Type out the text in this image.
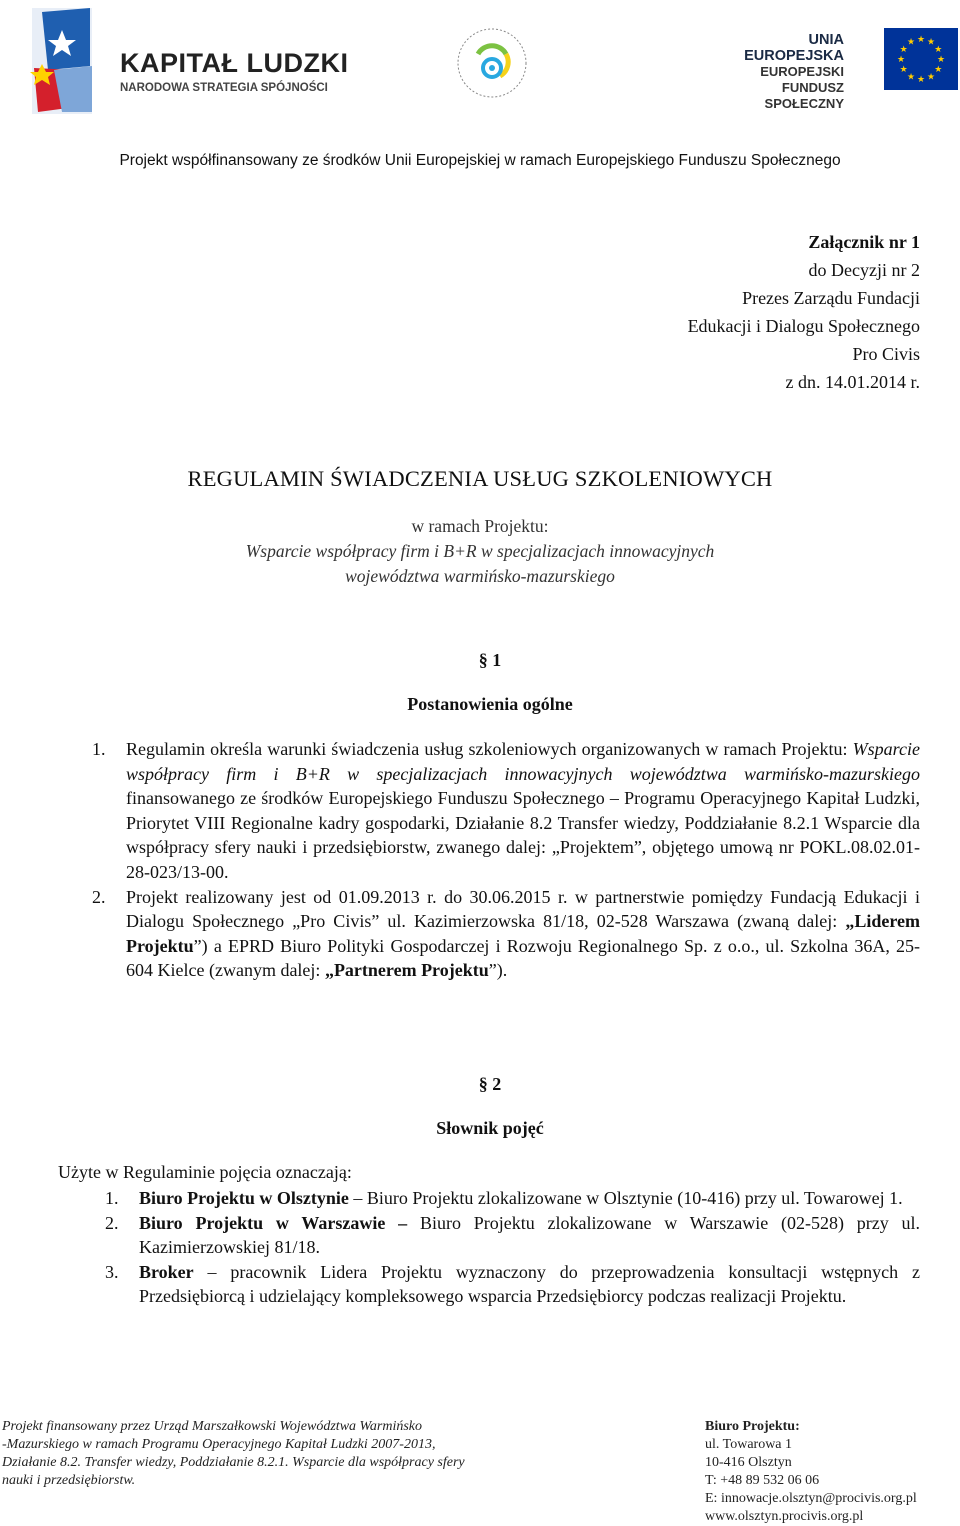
KAPITAŁ LUDZKI
NARODOWA STRATEGIA SPÓJNOŚCI
UNIA EUROPEJSKA
EUROPEJSKI
FUNDUSZ SPOŁECZNY
★ ★
★
★
★
★
★
★
★
★
★
★
Projekt współfinansowany ze środków Unii Europejskiej w ramach Europejskiego Funduszu Społecznego
Załącznik nr 1
do Decyzji nr 2
Prezes Zarządu Fundacji
Edukacji i Dialogu Społecznego
Pro Civis
z dn. 14.01.2014 r.
REGULAMIN ŚWIADCZENIA USŁUG SZKOLENIOWYCH
w ramach Projektu:
Wsparcie współpracy firm i B+R w specjalizacjach innowacyjnych
województwa warmińsko-mazurskiego
§ 1
Postanowienia ogólne
1. Regulamin określa warunki świadczenia usług szkoleniowych organizowanych w ramach Projektu: Wsparcie współpracy firm i B+R w specjalizacjach innowacyjnych województwa warmińsko-mazurskiego finansowanego ze środków Europejskiego Funduszu Społecznego – Programu Operacyjnego Kapitał Ludzki, Priorytet VIII Regionalne kadry gospodarki, Działanie 8.2 Transfer wiedzy, Poddziałanie 8.2.1 Wsparcie dla współpracy sfery nauki i przedsiębiorstw, zwanego dalej: „Projektem”, objętego umową nr POKL.08.02.01-28-023/13-00.
2. Projekt realizowany jest od 01.09.2013 r. do 30.06.2015 r. w partnerstwie pomiędzy Fundacją Edukacji i Dialogu Społecznego „Pro Civis” ul. Kazimierzowska 81/18, 02-528 Warszawa (zwaną dalej: „Liderem Projektu”) a EPRD Biuro Polityki Gospodarczej i Rozwoju Regionalnego Sp. z o.o., ul. Szkolna 36A, 25-604 Kielce (zwanym dalej: „Partnerem Projektu”).
§ 2
Słownik pojęć
Użyte w Regulaminie pojęcia oznaczają:
1. Biuro Projektu w Olsztynie – Biuro Projektu zlokalizowane w Olsztynie (10-416) przy ul. Towarowej 1.
2. Biuro Projektu w Warszawie – Biuro Projektu zlokalizowane w Warszawie (02-528) przy ul. Kazimierzowskiej 81/18.
3. Broker – pracownik Lidera Projektu wyznaczony do przeprowadzenia konsultacji wstępnych z Przedsiębiorcą i udzielający kompleksowego wsparcia Przedsiębiorcy podczas realizacji Projektu.
Projekt finansowany przez Urząd Marszałkowski Województwa Warmińsko
-Mazurskiego w ramach Programu Operacyjnego Kapitał Ludzki 2007-2013,
Działanie 8.2. Transfer wiedzy, Poddziałanie 8.2.1. Wsparcie dla współpracy sfery
nauki i przedsiębiorstw.
Biuro Projektu:
ul. Towarowa 1
10-416 Olsztyn
T: +48 89 532 06 06
E: innowacje.olsztyn@procivis.org.pl
www.olsztyn.procivis.org.pl
